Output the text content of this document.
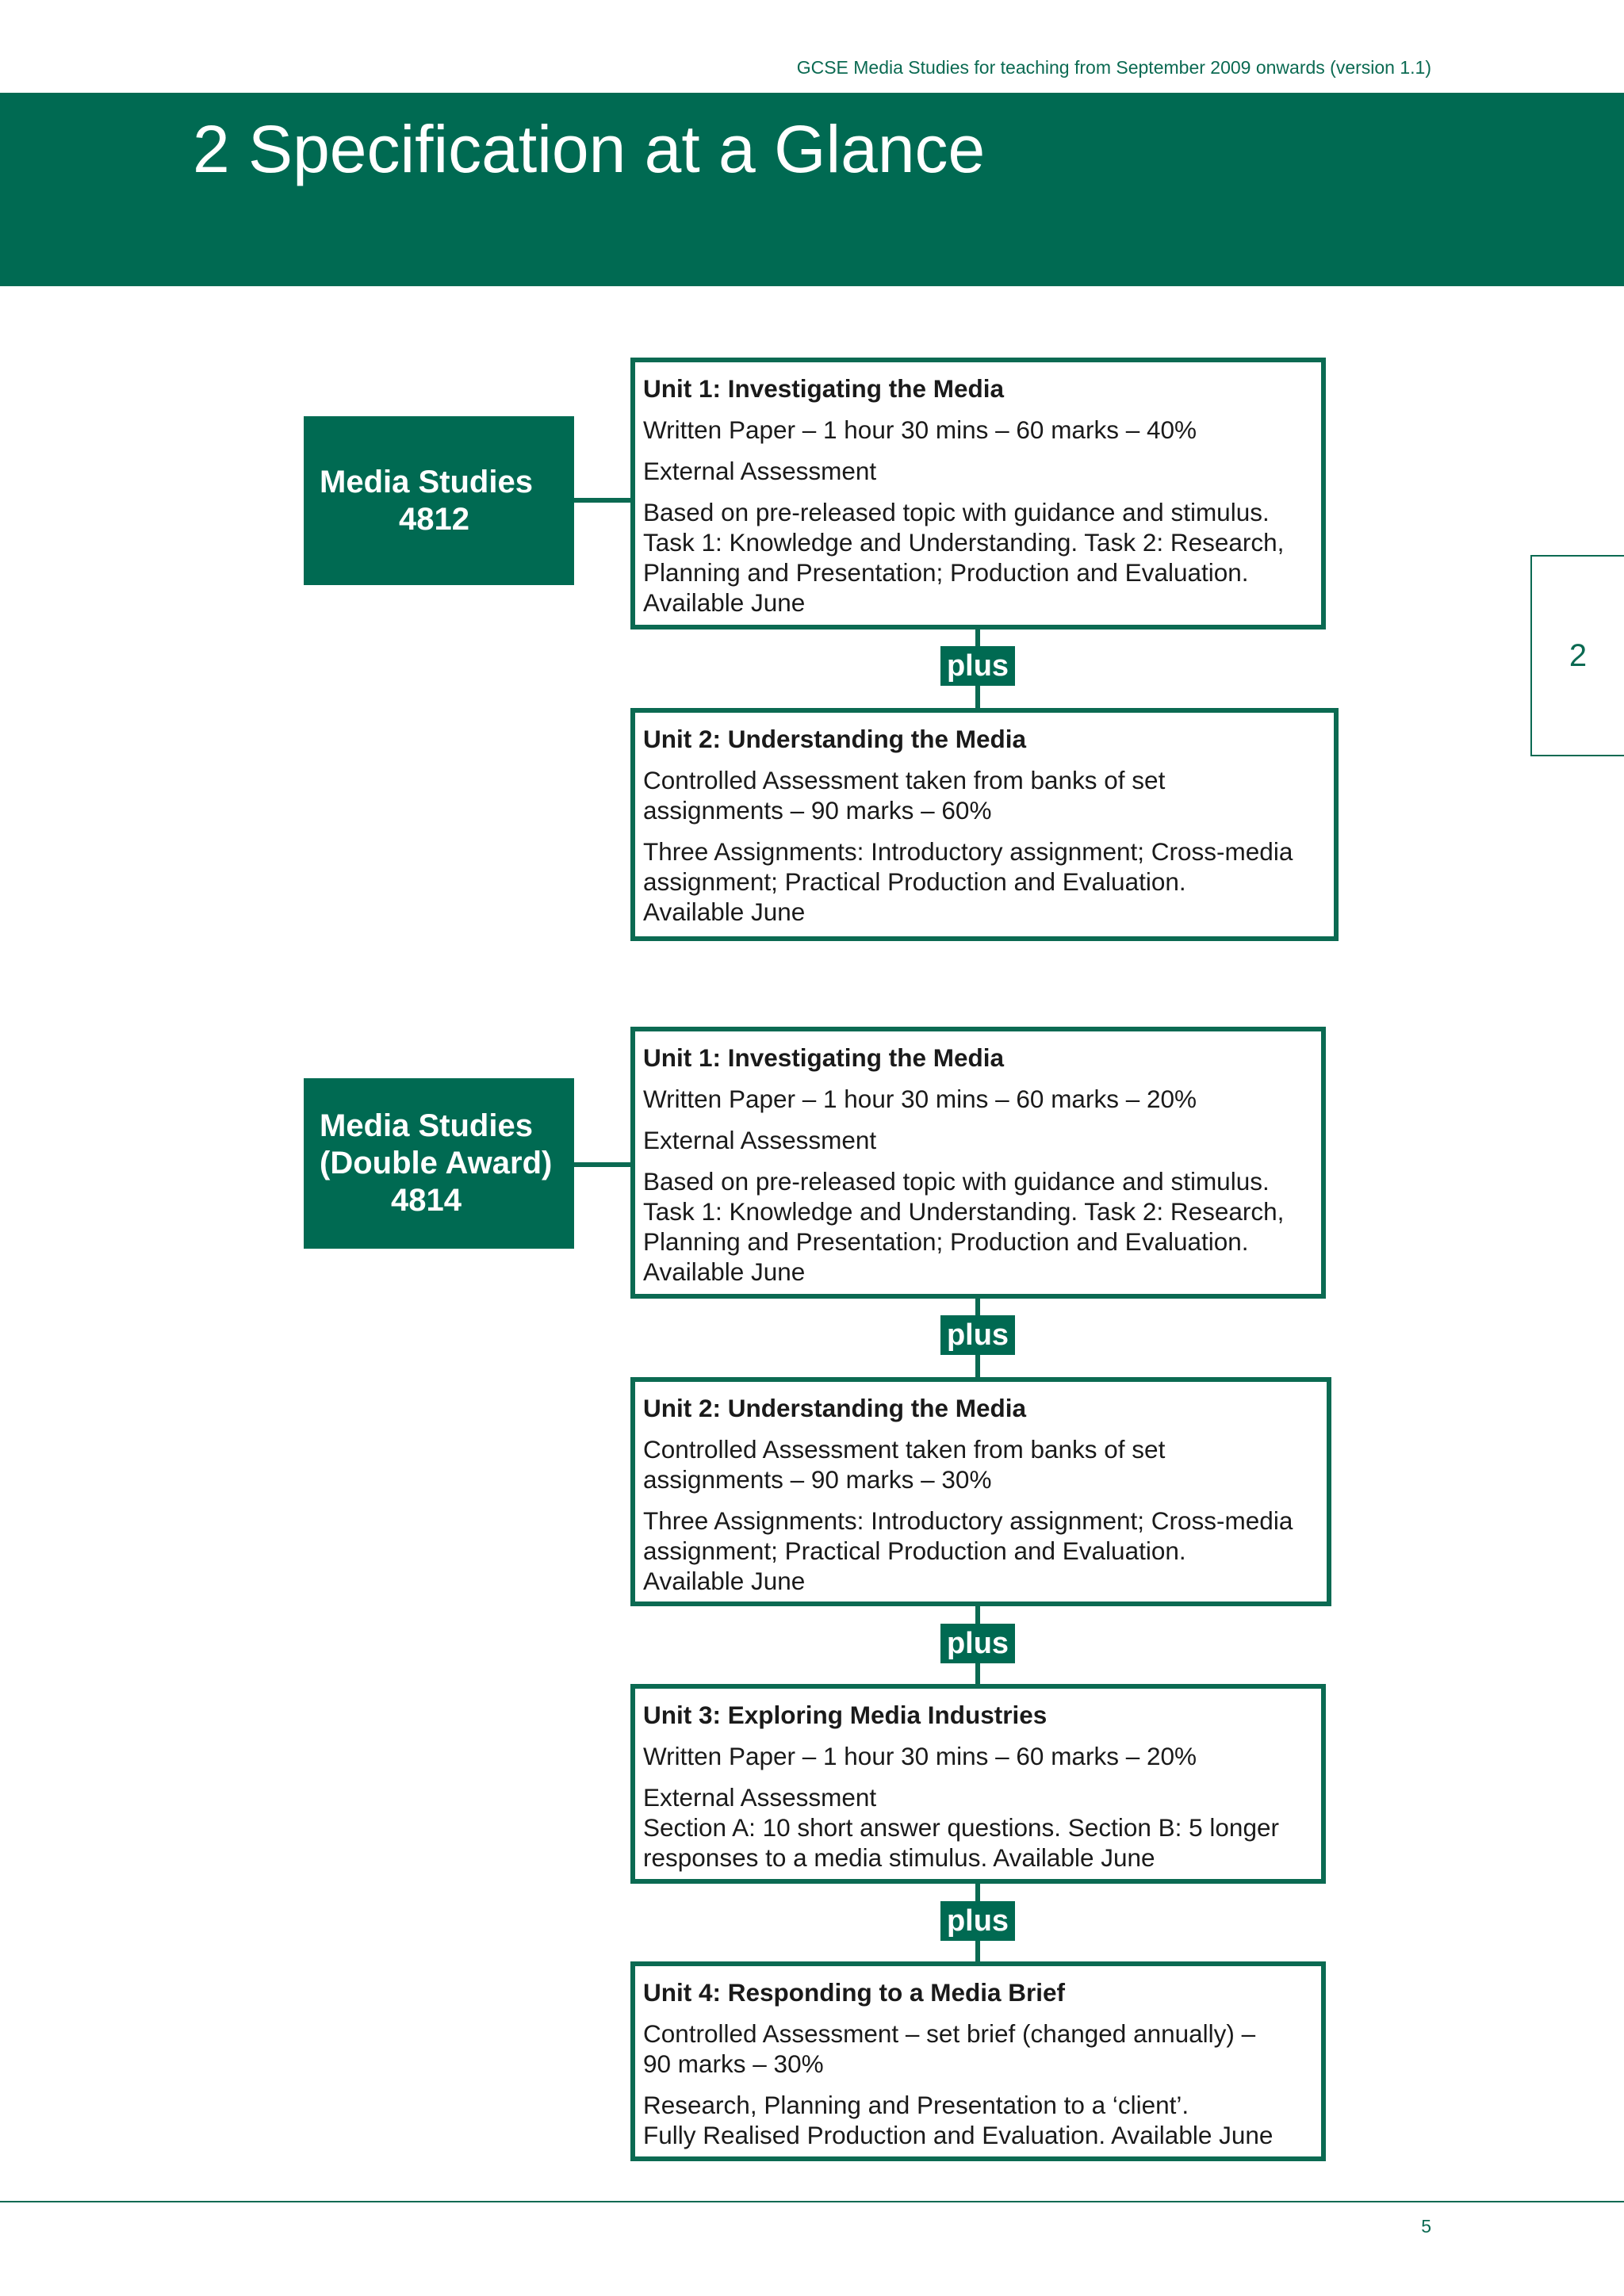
GCSE Media Studies for teaching from September 2009 onwards (version 1.1)
2 Specification at a Glance
2
Media Studies
4812
Unit 1: Investigating the Media
Written Paper – 1 hour 30 mins – 60 marks – 40%
External Assessment
Based on pre-released topic with guidance and stimulus.
Task 1: Knowledge and Understanding. Task 2: Research,
Planning and Presentation; Production and Evaluation.
Available June
plus
Unit 2: Understanding the Media
Controlled Assessment taken from banks of set
assignments – 90 marks – 60%
Three Assignments: Introductory assignment; Cross-media
assignment; Practical Production and Evaluation.
Available June
Media Studies
(Double Award)
4814
Unit 1: Investigating the Media
Written Paper – 1 hour 30 mins – 60 marks – 20%
External Assessment
Based on pre-released topic with guidance and stimulus.
Task 1: Knowledge and Understanding. Task 2: Research,
Planning and Presentation; Production and Evaluation.
Available June
plus
Unit 2: Understanding the Media
Controlled Assessment taken from banks of set
assignments – 90 marks – 30%
Three Assignments: Introductory assignment; Cross-media
assignment; Practical Production and Evaluation.
Available June
plus
Unit 3: Exploring Media Industries
Written Paper – 1 hour 30 mins – 60 marks – 20%
External Assessment
Section A: 10 short answer questions. Section B: 5 longer
responses to a media stimulus. Available June
plus
Unit 4: Responding to a Media Brief
Controlled Assessment – set brief (changed annually) –
90 marks – 30%
Research, Planning and Presentation to a ‘client’.
Fully Realised Production and Evaluation. Available June
5
